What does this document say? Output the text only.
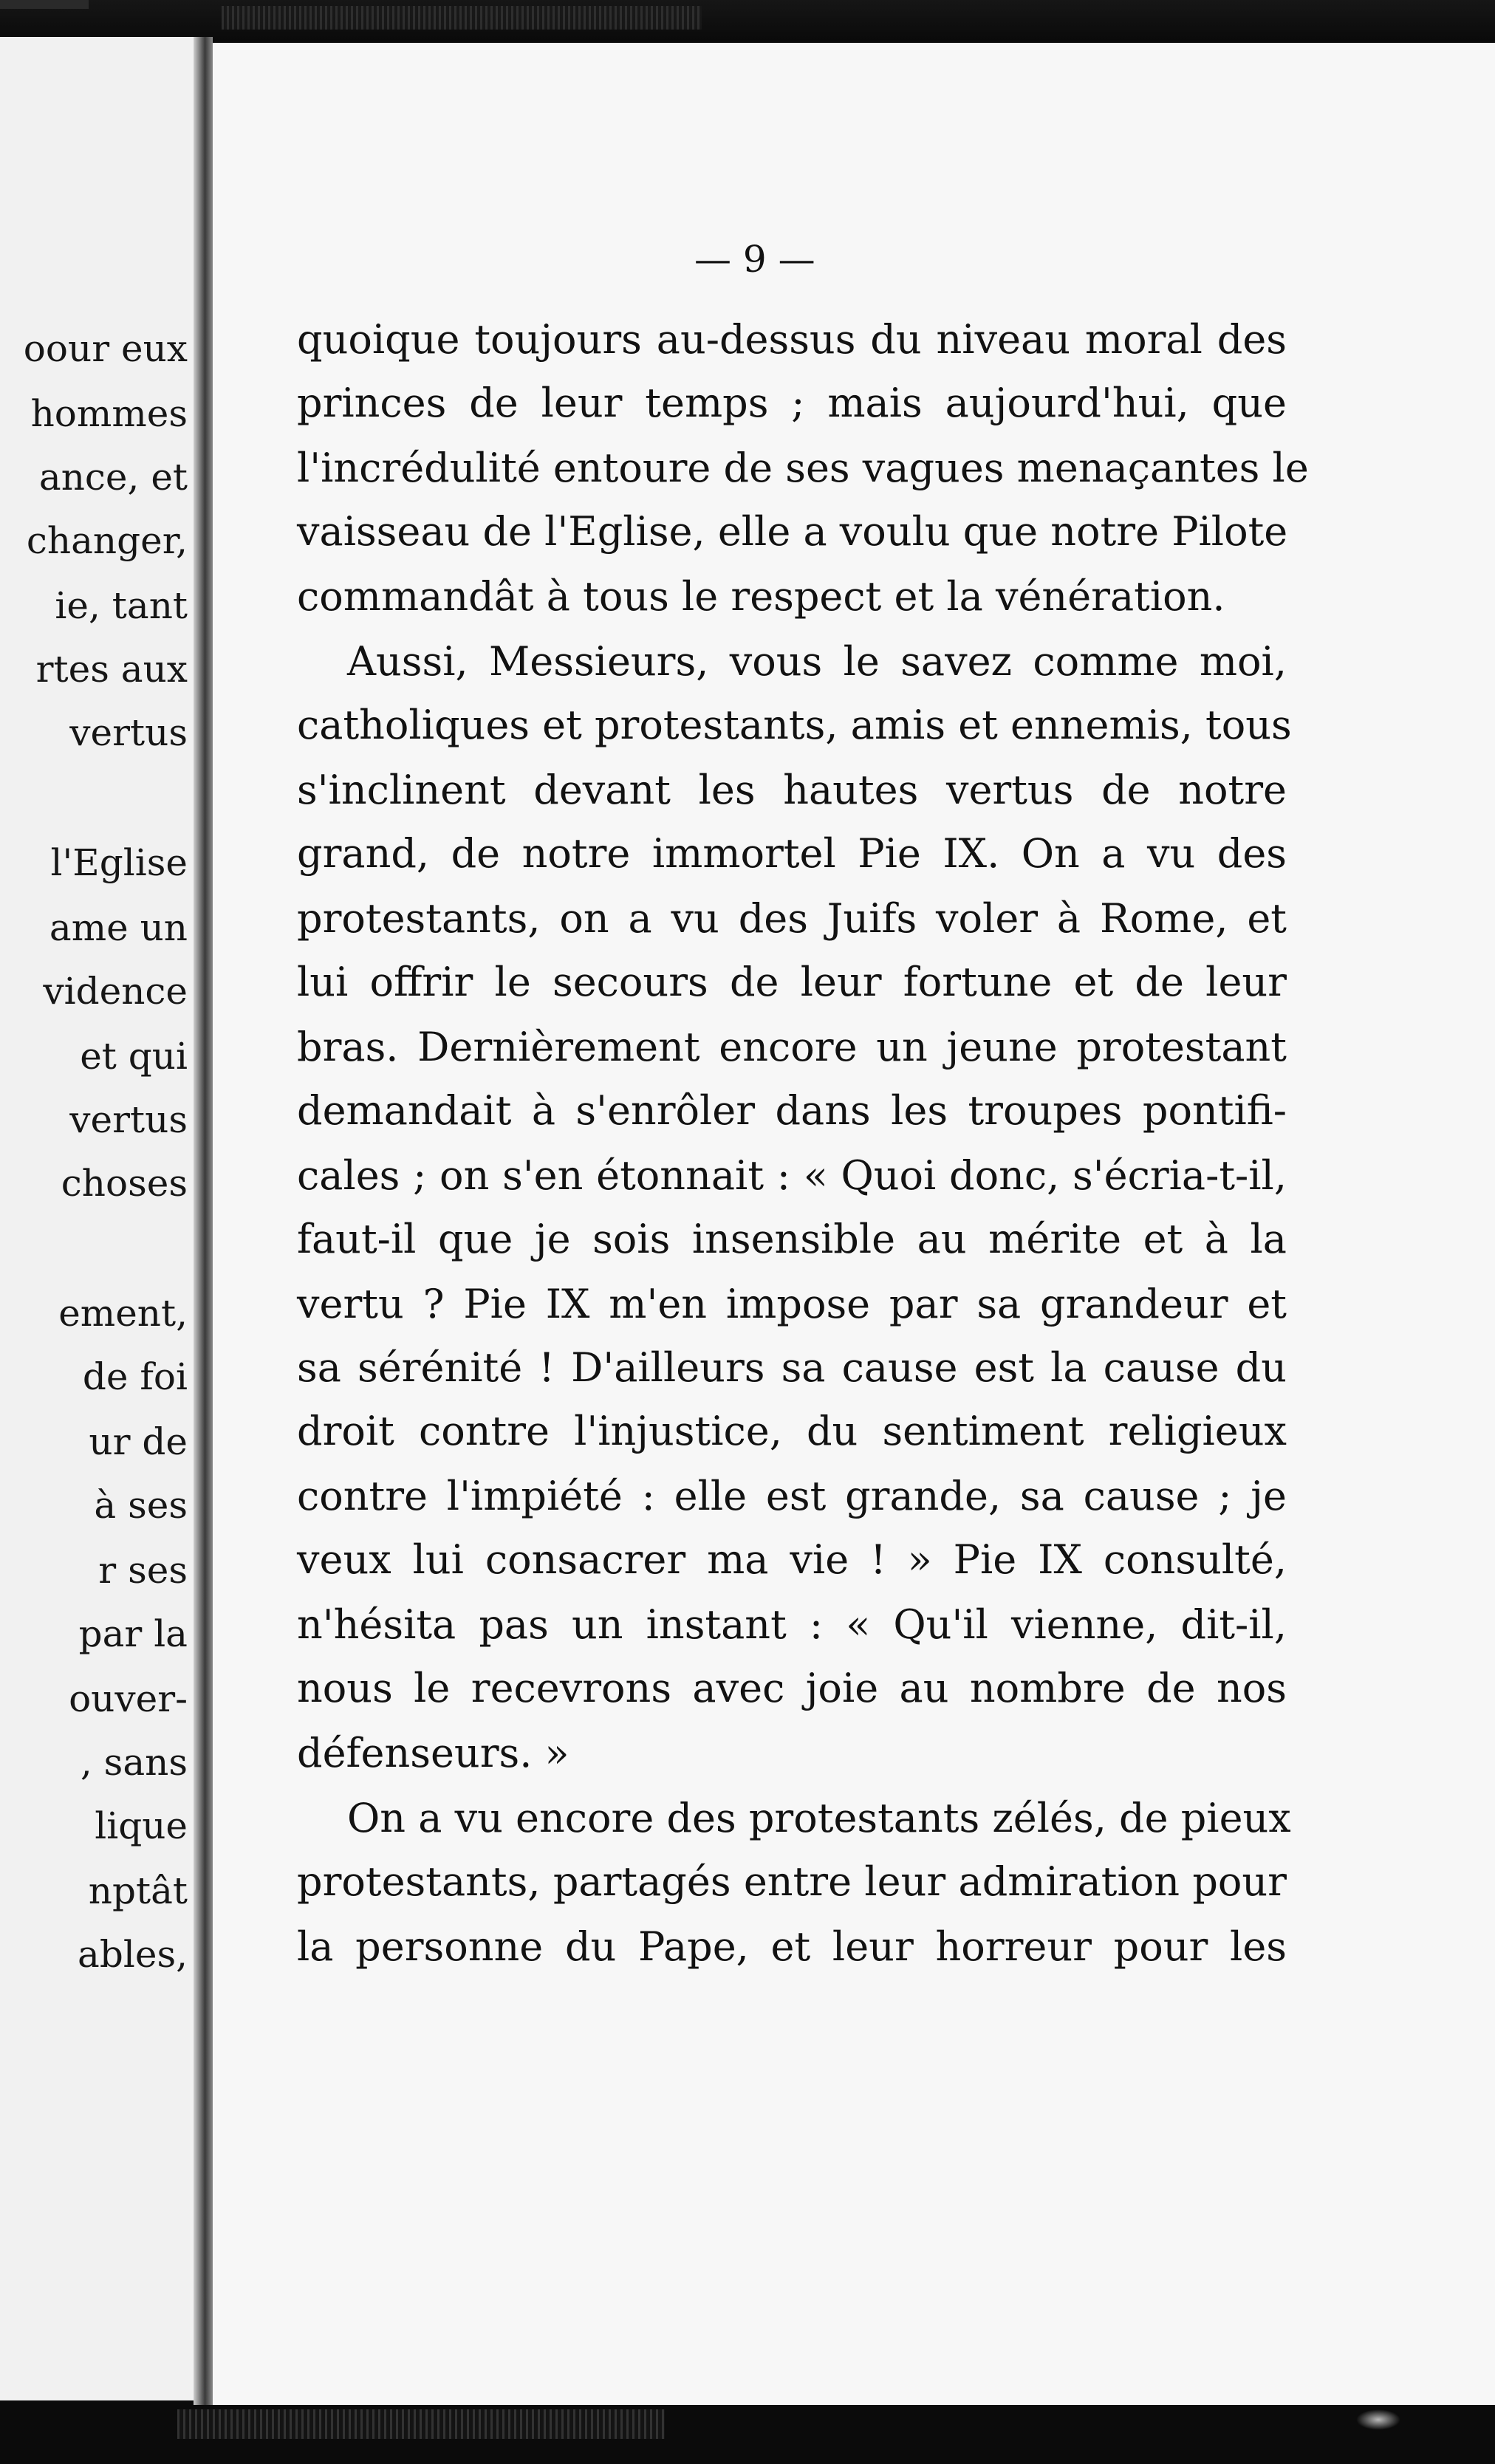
oour eux
hommes
ance, et
changer,
ie, tant
rtes aux
vertus
l'Eglise
ame un
vidence
et qui
vertus
choses
ement,
de foi
ur de
à ses
r ses
par la
ouver-
, sans
lique
nptât
ables,
— 9 —
quoique toujours au-dessus du niveau moral des
princes de leur temps ; mais aujourd'hui, que
l'incrédulité entoure de ses vagues menaçantes le
vaisseau de l'Eglise, elle a voulu que notre Pilote
commandât à tous le respect et la vénération.
Aussi, Messieurs, vous le savez comme moi,
catholiques et protestants, amis et ennemis, tous
s'inclinent devant les hautes vertus de notre
grand, de notre immortel Pie IX. On a vu des
protestants, on a vu des Juifs voler à Rome, et
lui offrir le secours de leur fortune et de leur
bras. Dernièrement encore un jeune protestant
demandait à s'enrôler dans les troupes pontifi-
cales ; on s'en étonnait : « Quoi donc, s'écria-t-il,
faut-il que je sois insensible au mérite et à la
vertu ? Pie IX m'en impose par sa grandeur et
sa sérénité ! D'ailleurs sa cause est la cause du
droit contre l'injustice, du sentiment religieux
contre l'impiété : elle est grande, sa cause ; je
veux lui consacrer ma vie ! » Pie IX consulté,
n'hésita pas un instant : « Qu'il vienne, dit-il,
nous le recevrons avec joie au nombre de nos
défenseurs. »
On a vu encore des protestants zélés, de pieux
protestants, partagés entre leur admiration pour
la personne du Pape, et leur horreur pour les
